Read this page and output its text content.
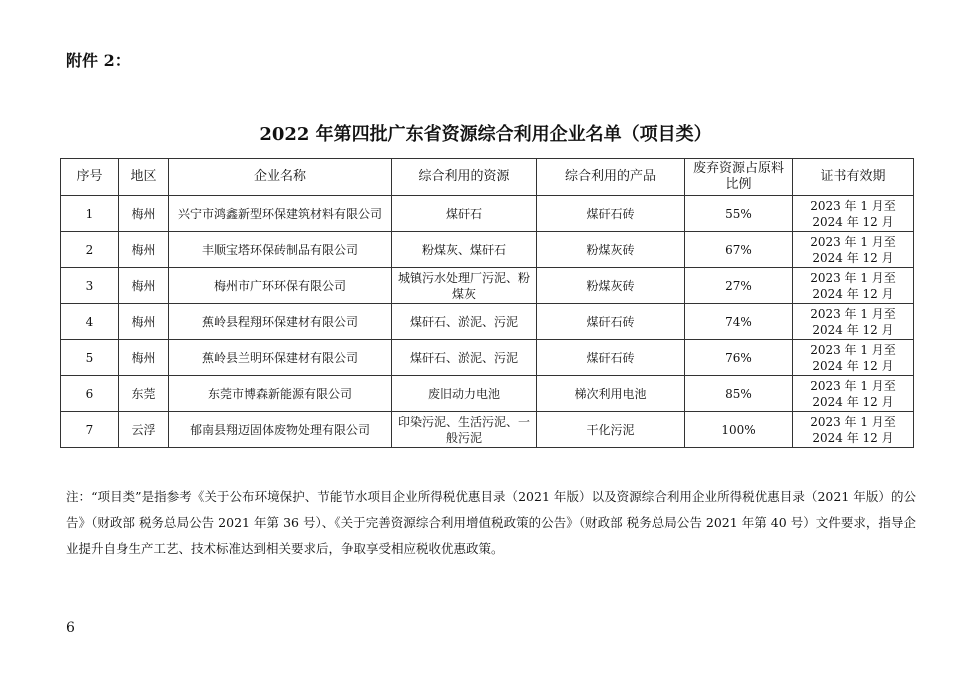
附件 2：
2022 年第四批广东省资源综合利用企业名单（项目类）
序号	地区	企业名称	综合利用的资源	综合利用的产品	废弃资源占原料比例	证书有效期
1	梅州	兴宁市鸿鑫新型环保建筑材料有限公司	煤矸石	煤矸石砖	55%	2023 年 1 月至 2024 年 12 月
2	梅州	丰顺宝塔环保砖制品有限公司	粉煤灰、煤矸石	粉煤灰砖	67%	2023 年 1 月至 2024 年 12 月
3	梅州	梅州市广环环保有限公司	城镇污水处理厂污泥、粉煤灰	粉煤灰砖	27%	2023 年 1 月至 2024 年 12 月
4	梅州	蕉岭县程翔环保建材有限公司	煤矸石、淤泥、污泥	煤矸石砖	74%	2023 年 1 月至 2024 年 12 月
5	梅州	蕉岭县兰明环保建材有限公司	煤矸石、淤泥、污泥	煤矸石砖	76%	2023 年 1 月至 2024 年 12 月
6	东莞	东莞市博森新能源有限公司	废旧动力电池	梯次利用电池	85%	2023 年 1 月至 2024 年 12 月
7	云浮	郁南县翔迈固体废物处理有限公司	印染污泥、生活污泥、一般污泥	干化污泥	100%	2023 年 1 月至 2024 年 12 月
注：“项目类”是指参考《关于公布环境保护、节能节水项目企业所得税优惠目录（2021 年版）以及资源综合利用企业所得税优惠目录（2021 年版）的公告》（财政部 税务总局公告 2021 年第 36 号）、《关于完善资源综合利用增值税政策的公告》（财政部 税务总局公告 2021 年第 40 号）文件要求，指导企业提升自身生产工艺、技术标准达到相关要求后，争取享受相应税收优惠政策。
6
